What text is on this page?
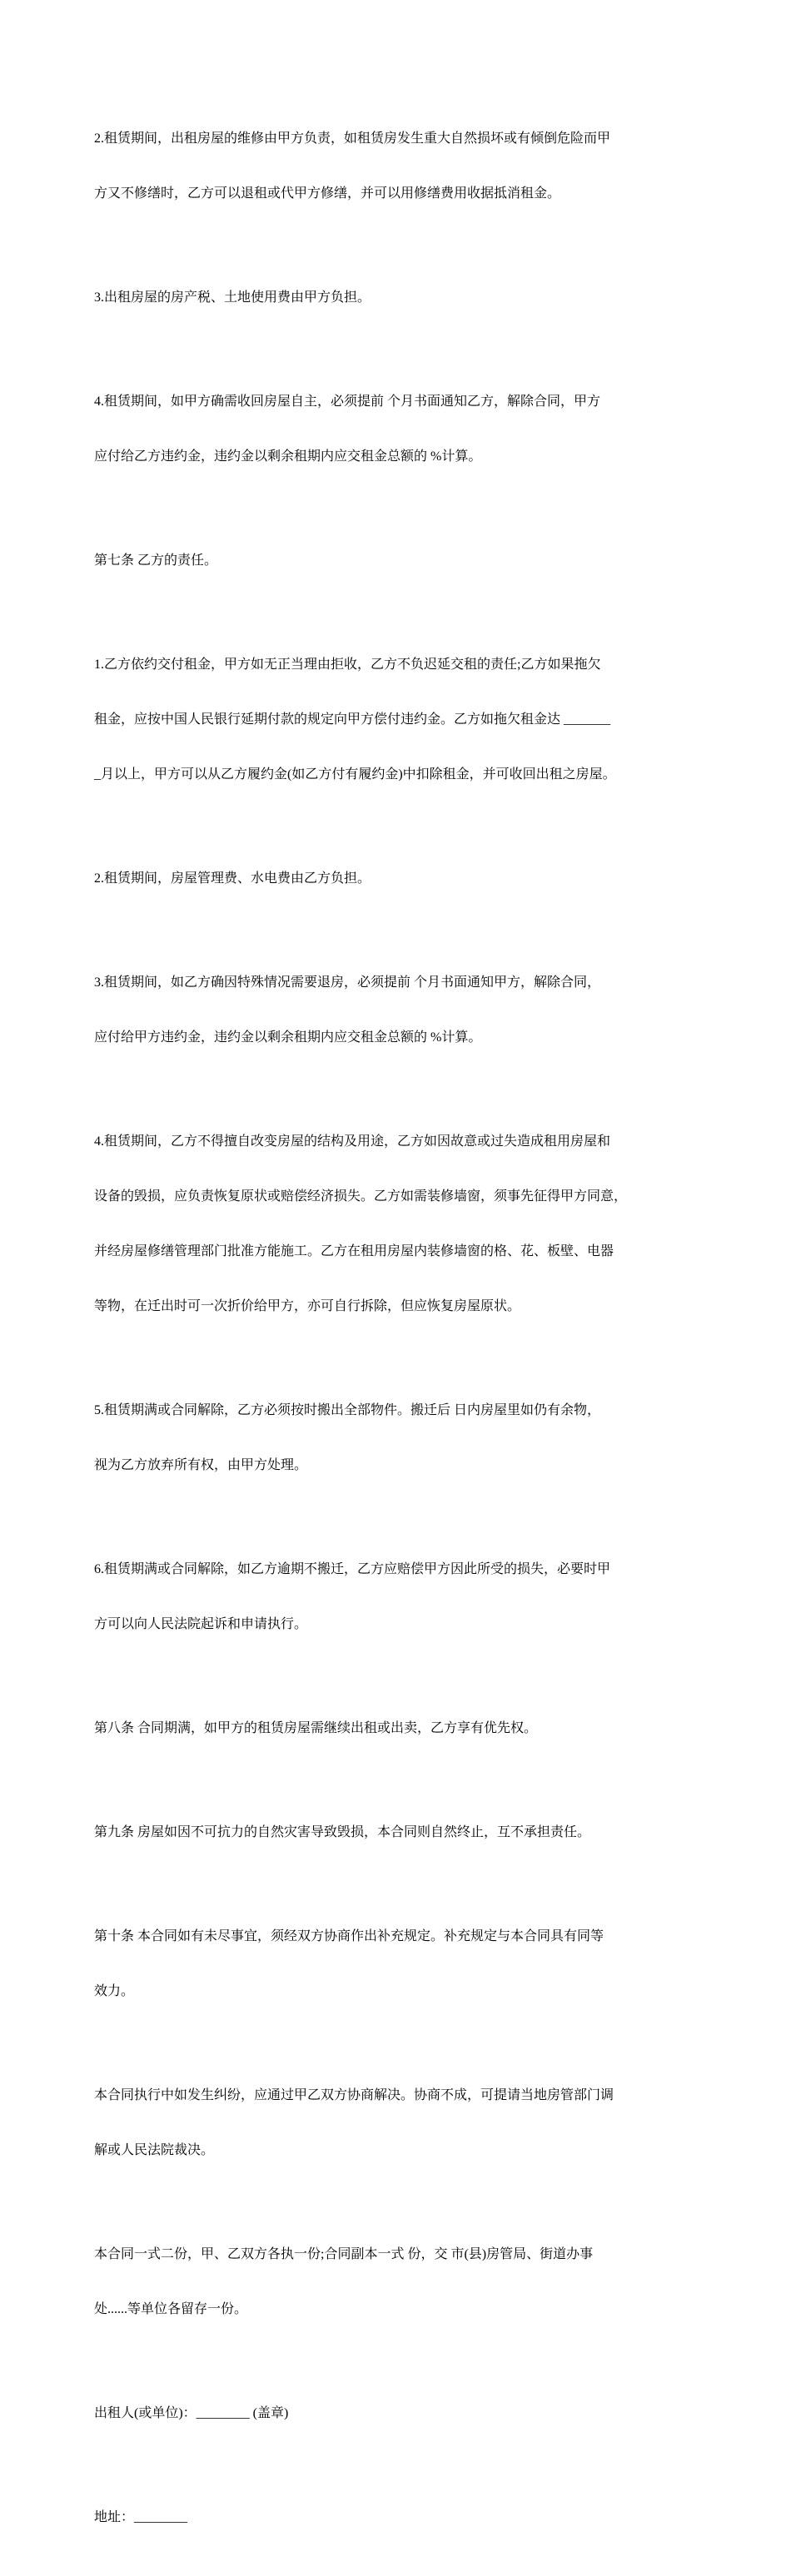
2.租赁期间，出租房屋的维修由甲方负责，如租赁房发生重大自然损坏或有倾倒危险而甲

方又不修缮时，乙方可以退租或代甲方修缮，并可以用修缮费用收据抵消租金。

3.出租房屋的房产税、土地使用费由甲方负担。

4.租赁期间，如甲方确需收回房屋自主，必须提前 个月书面通知乙方，解除合同，甲方

应付给乙方违约金，违约金以剩余租期内应交租金总额的 %计算。

第七条 乙方的责任。

1.乙方依约交付租金，甲方如无正当理由拒收，乙方不负迟延交租的责任;乙方如果拖欠

租金，应按中国人民银行延期付款的规定向甲方偿付违约金。乙方如拖欠租金达 _______

_月以上，甲方可以从乙方履约金(如乙方付有履约金)中扣除租金，并可收回出租之房屋。

2.租赁期间，房屋管理费、水电费由乙方负担。

3.租赁期间，如乙方确因特殊情况需要退房，必须提前 个月书面通知甲方，解除合同，

应付给甲方违约金，违约金以剩余租期内应交租金总额的 %计算。

4.租赁期间，乙方不得擅自改变房屋的结构及用途，乙方如因故意或过失造成租用房屋和

设备的毁损，应负责恢复原状或赔偿经济损失。乙方如需装修墙窗，须事先征得甲方同意，

并经房屋修缮管理部门批准方能施工。乙方在租用房屋内装修墙窗的格、花、板壁、电器

等物，在迁出时可一次折价给甲方，亦可自行拆除，但应恢复房屋原状。

5.租赁期满或合同解除，乙方必须按时搬出全部物件。搬迁后 日内房屋里如仍有余物，

视为乙方放弃所有权，由甲方处理。

6.租赁期满或合同解除，如乙方逾期不搬迁，乙方应赔偿甲方因此所受的损失，必要时甲

方可以向人民法院起诉和申请执行。

第八条 合同期满，如甲方的租赁房屋需继续出租或出卖，乙方享有优先权。

第九条 房屋如因不可抗力的自然灾害导致毁损，本合同则自然终止，互不承担责任。

第十条 本合同如有未尽事宜，须经双方协商作出补充规定。补充规定与本合同具有同等

效力。

本合同执行中如发生纠纷，应通过甲乙双方协商解决。协商不成，可提请当地房管部门调

解或人民法院裁决。

本合同一式二份，甲、乙双方各执一份;合同副本一式 份，交 市(县)房管局、街道办事

处......等单位各留存一份。

出租人(或单位)：________ (盖章)

地址：________
